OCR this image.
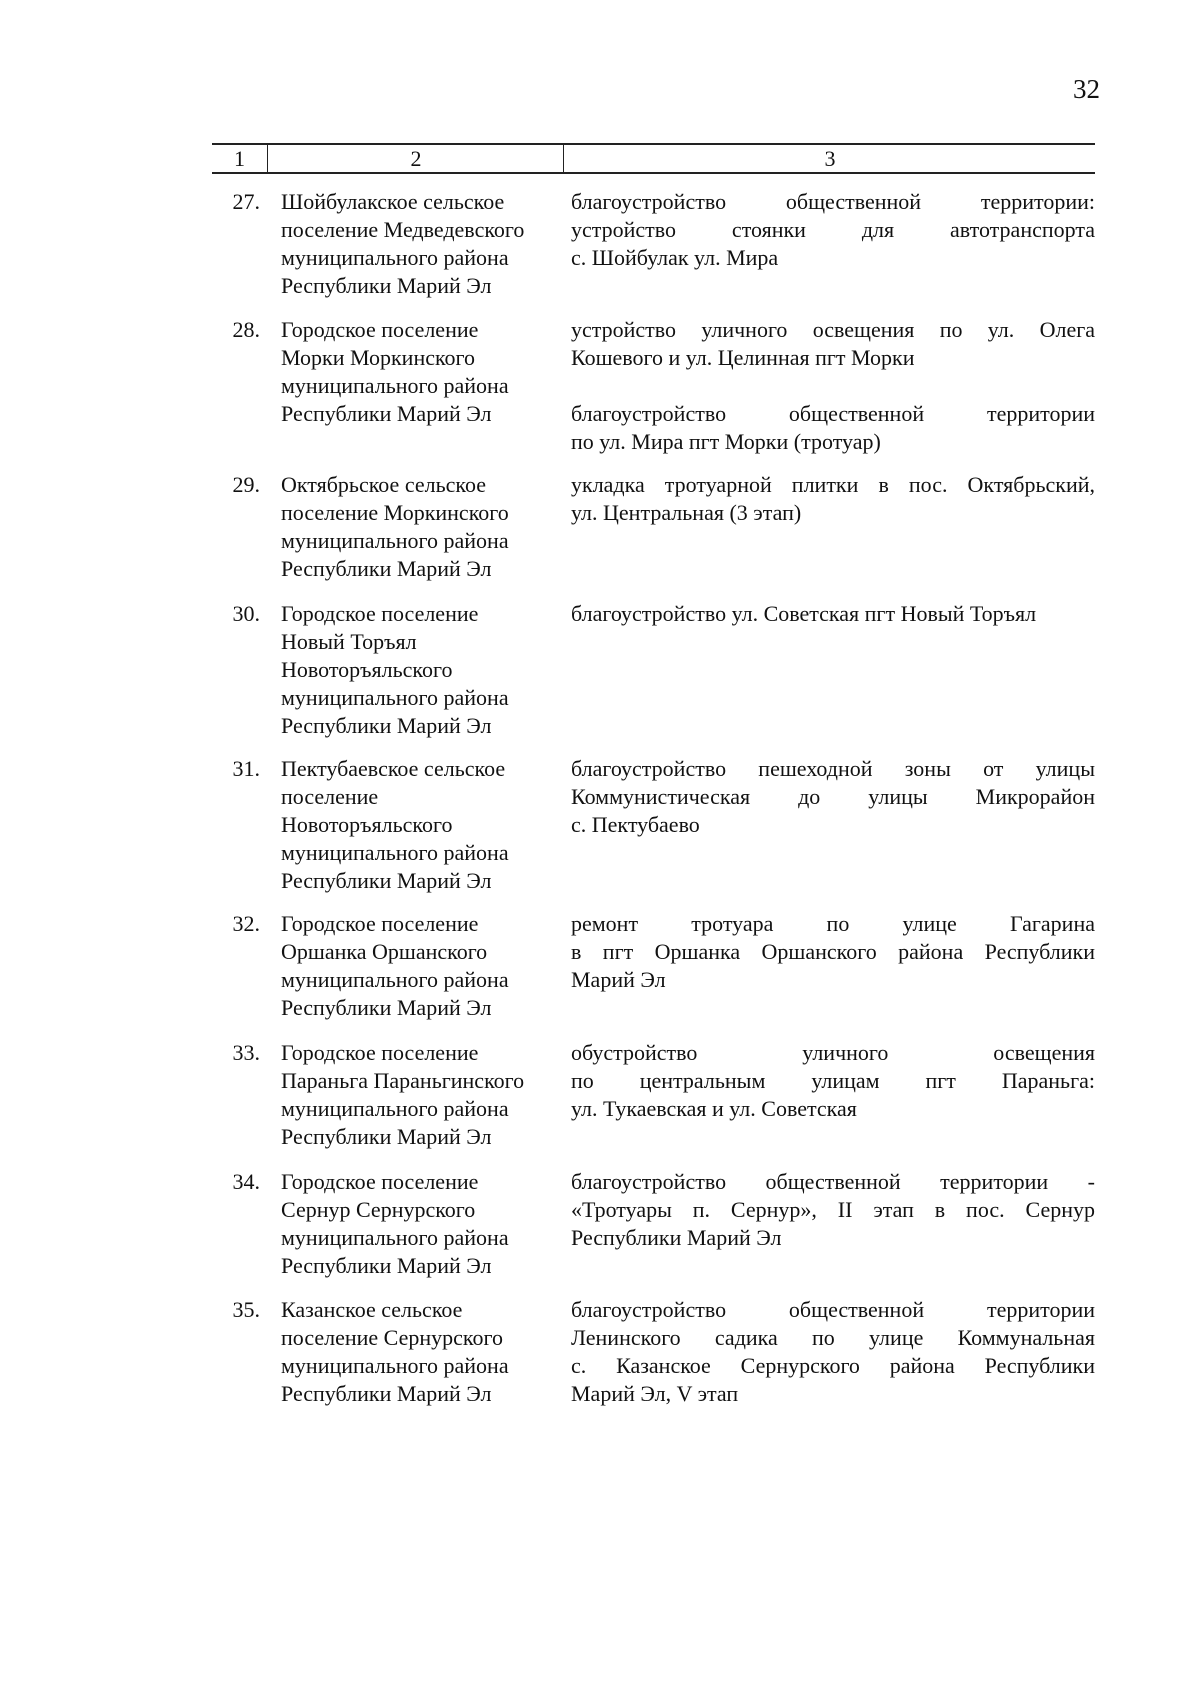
32
1	2	3
27. Шойбулакское сельское
поселение Медведевского
муниципального района
Республики Марий Эл
благоустройство общественной территории:
устройство стоянки для автотранспорта
с. Шойбулак ул. Мира
28. Городское поселение
Морки Моркинского
муниципального района
Республики Марий Эл
устройство уличного освещения по ул. Олега
Кошевого и ул. Целинная пгт Морки
благоустройство общественной территории
по ул. Мира пгт Морки (тротуар)
29. Октябрьское сельское
поселение Моркинского
муниципального района
Республики Марий Эл
укладка тротуарной плитки в пос. Октябрьский,
ул. Центральная (3 этап)
30. Городское поселение
Новый Торъял
Новоторъяльского
муниципального района
Республики Марий Эл
благоустройство ул. Советская пгт Новый Торъял
31. Пектубаевское сельское
поселение
Новоторъяльского
муниципального района
Республики Марий Эл
благоустройство пешеходной зоны от улицы
Коммунистическая до улицы Микрорайон
с. Пектубаево
32. Городское поселение
Оршанка Оршанского
муниципального района
Республики Марий Эл
ремонт тротуара по улице Гагарина
в пгт Оршанка Оршанского района Республики
Марий Эл
33. Городское поселение
Параньга Параньгинского
муниципального района
Республики Марий Эл
обустройство уличного освещения
по центральным улицам пгт Параньга:
ул. Тукаевская и ул. Советская
34. Городское поселение
Сернур Сернурского
муниципального района
Республики Марий Эл
благоустройство общественной территории -
«Тротуары п. Сернур», II этап в пос. Сернур
Республики Марий Эл
35. Казанское сельское
поселение Сернурского
муниципального района
Республики Марий Эл
благоустройство общественной территории
Ленинского садика по улице Коммунальная
с. Казанское Сернурского района Республики
Марий Эл, V этап
